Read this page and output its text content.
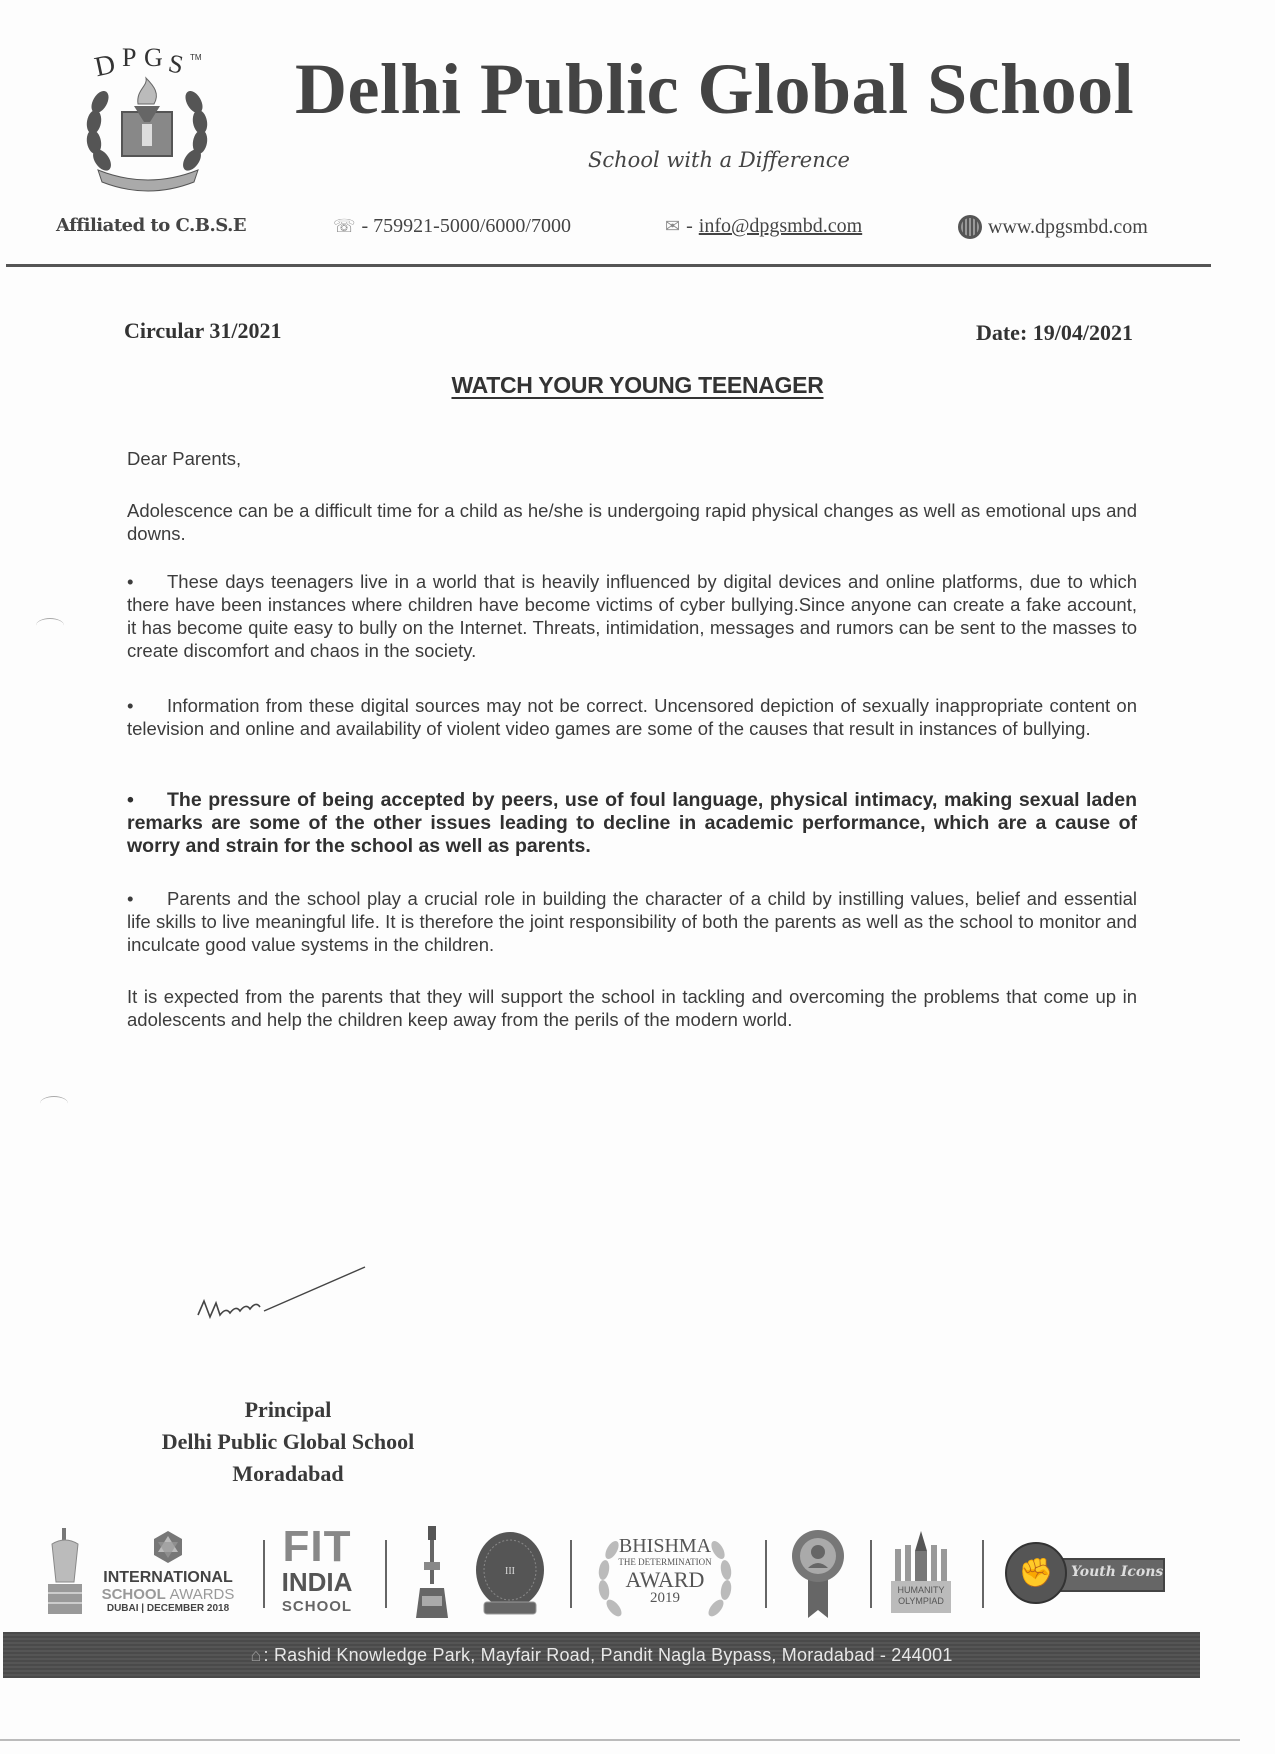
D P G S TM Delhi Public Global School
School with a Difference
Affiliated to C.B.S.E	☏ - 759921-5000/6000/7000	✉ - info@dpgsmbd.com	www.dpgsmbd.com
Circular 31/2021	Date: 19/04/2021
WATCH YOUR YOUNG TEENAGER
Dear Parents,
Adolescence can be a difficult time for a child as he/she is undergoing rapid physical changes as well as emotional ups and downs.
• These days teenagers live in a world that is heavily influenced by digital devices and online platforms, due to which there have been instances where children have become victims of cyber bullying.Since anyone can create a fake account, it has become quite easy to bully on the Internet. Threats, intimidation, messages and rumors can be sent to the masses to create discomfort and chaos in the society.
• Information from these digital sources may not be correct. Uncensored depiction of sexually inappropriate content on television and online and availability of violent video games are some of the causes that result in instances of bullying.
• The pressure of being accepted by peers, use of foul language, physical intimacy, making sexual laden remarks are some of the other issues leading to decline in academic performance, which are a cause of worry and strain for the school as well as parents.
• Parents and the school play a crucial role in building the character of a child by instilling values, belief and essential life skills to live meaningful life. It is therefore the joint responsibility of both the parents as well as the school to monitor and inculcate good value systems in the children.
It is expected from the parents that they will support the school in tackling and overcoming the problems that come up in adolescents and help the children keep away from the perils of the modern world.
Principal
Delhi Public Global School
Moradabad
INTERNATIONAL
SCHOOL AWARDS
DUBAI | DECEMBER 2018
FIT
INDIA
SCHOOL
III
BHISHMA
THE DETERMINATION
AWARD
2019	HUMANITY
OLYMPIAD
✊	Youth Icons
⌂ : Rashid Knowledge Park, Mayfair Road, Pandit Nagla Bypass, Moradabad - 244001
